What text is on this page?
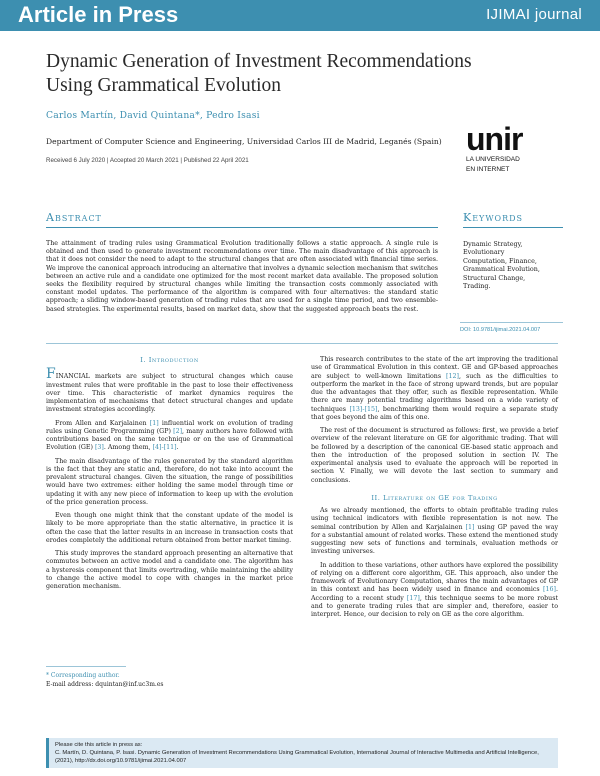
Article in Press	IJIMAI journal
Dynamic Generation of Investment Recommendations Using Grammatical Evolution
Carlos Martín, David Quintana*, Pedro Isasi
Department of Computer Science and Engineering, Universidad Carlos III de Madrid, Leganés (Spain)
Received 6 July 2020 | Accepted 20 March 2021 | Published 22 April 2021
unir
LA UNIVERSIDAD
EN INTERNET
Abstract
The attainment of trading rules using Grammatical Evolution traditionally follows a static approach. A single rule is obtained and then used to generate investment recommendations over time. The main disadvantage of this approach is that it does not consider the need to adapt to the structural changes that are often associated with financial time series. We improve the canonical approach introducing an alternative that involves a dynamic selection mechanism that switches between an active rule and a candidate one optimized for the most recent market data available. The proposed solution seeks the flexibility required by structural changes while limiting the transaction costs commonly associated with constant model updates. The performance of the algorithm is compared with four alternatives: the standard static approach; a sliding window-based generation of trading rules that are used for a single time period, and two ensemble-based strategies. The experimental results, based on market data, show that the suggested approach beats the rest.
Keywords
Dynamic Strategy,
Evolutionary
Computation, Finance,
Grammatical Evolution,
Structural Change,
Trading.
DOI: 10.9781/ijimai.2021.04.007
I. Introduction

FINANCIAL markets are subject to structural changes which cause investment rules that were profitable in the past to lose their effectiveness over time. This characteristic of market dynamics requires the implementation of mechanisms that detect structural changes and update investment strategies accordingly.

From Allen and Karjalainen [1] influential work on evolution of trading rules using Genetic Programming (GP) [2], many authors have followed with contributions based on the same technique or on the use of Grammatical Evolution (GE) [3]. Among them, [4]-[11].

The main disadvantage of the rules generated by the standard algorithm is the fact that they are static and, therefore, do not take into account the prevalent structural changes. Given the situation, the range of possibilities would have two extremes: either holding the same model through time or updating it with any new piece of information to keep up with the evolution of the price generation process.

Even though one might think that the constant update of the model is likely to be more appropriate than the static alternative, in practice it is often the case that the latter results in an increase in transaction costs that erodes completely the additional return obtained from better market timing.

This study improves the standard approach presenting an alternative that commutes between an active model and a candidate one. The algorithm has a hysteresis component that limits overtrading, while maintaining the ability to change the active model to cope with changes in the market price generation mechanism.

This research contributes to the state of the art improving the traditional use of Grammatical Evolution in this context. GE and GP-based approaches are subject to well-known limitations [12], such as the difficulties to outperform the market in the face of strong upward trends, but are popular due the advantages that they offer, such as flexible representation. While there are many potential trading algorithms based on a wide variety of techniques [13]-[15], benchmarking them would require a separate study that goes beyond the aim of this one.

The rest of the document is structured as follows: first, we provide a brief overview of the relevant literature on GE for algorithmic trading. That will be followed by a description of the canonical GE-based static approach and then the introduction of the proposed solution in section IV. The experimental analysis used to evaluate the approach will be reported in section V. Finally, we will devote the last section to summary and conclusions.

II. Literature on GE for Trading

As we already mentioned, the efforts to obtain profitable trading rules using technical indicators with flexible representation is not new. The seminal contribution by Allen and Karjalainen [1] using GP paved the way for a substantial amount of related works. These extend the mentioned study suggesting new sets of functions and terminals, evaluation methods or investing universes.

In addition to these variations, other authors have explored the possibility of relying on a different core algorithm, GE. This approach, also under the framework of Evolutionary Computation, shares the main advantages of GP in this context and has been widely used in finance and economics [16]. According to a recent study [17], this technique seems to be more robust and to generate trading rules that are simpler and, therefore, easier to interpret. Hence, our decision to rely on GE as the core algorithm.

* Corresponding author.
E-mail address: dquintan@inf.uc3m.es
Please cite this article in press as:
C. Martín, D. Quintana, P. Isasi. Dynamic Generation of Investment Recommendations Using Grammatical Evolution, International Journal of Interactive Multimedia and Artificial Intelligence, (2021), http://dx.doi.org/10.9781/ijimai.2021.04.007
